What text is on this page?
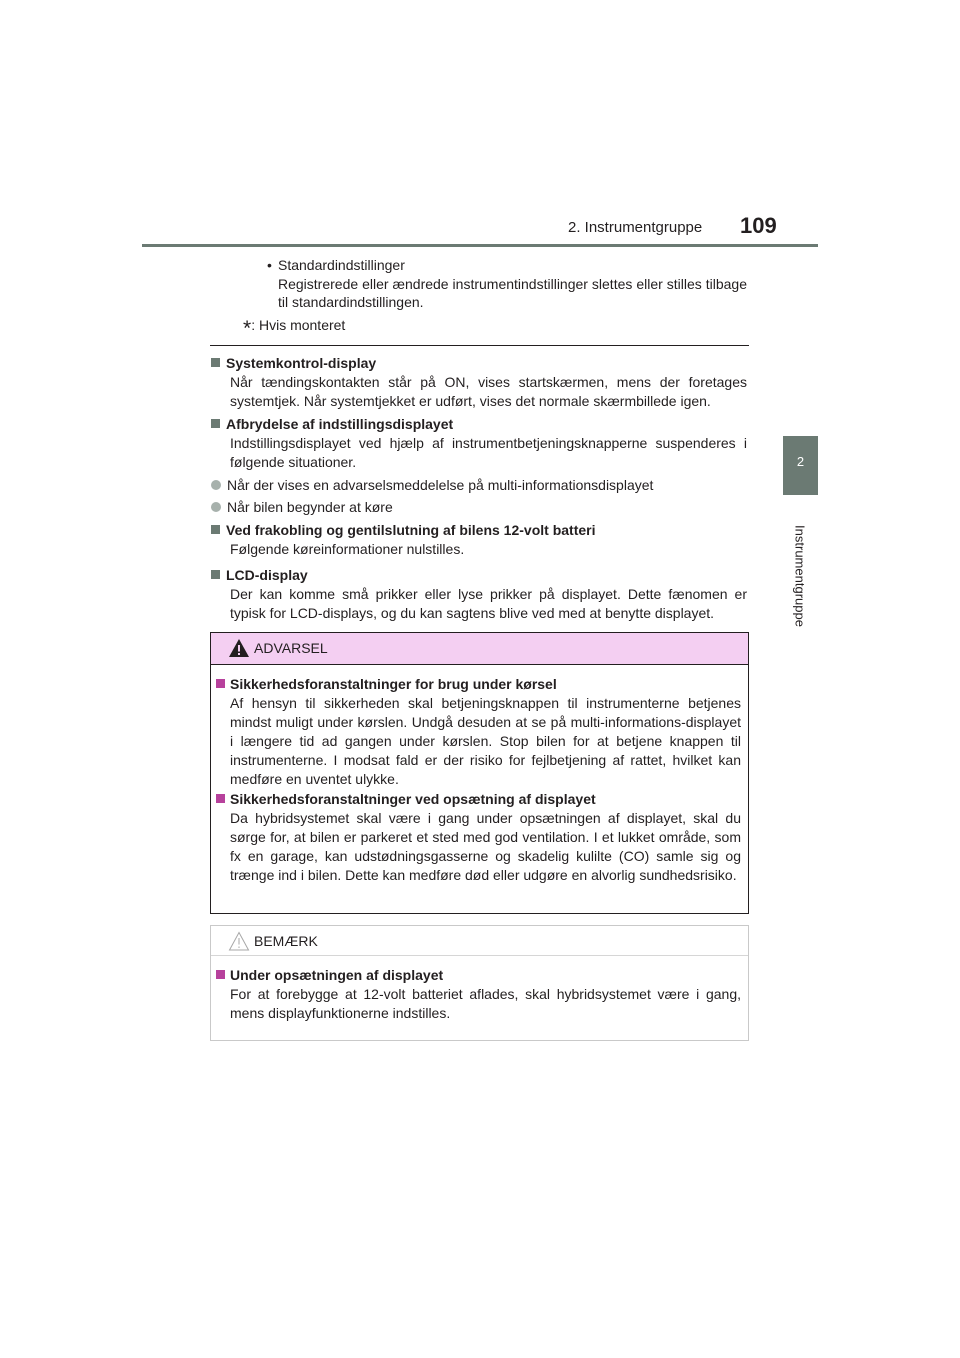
2. Instrumentgruppe 109
2
Instrumentgruppe
• Standardindstillinger
Registrerede eller ændrede instrumentindstillinger slettes eller stilles tilbage til standardindstillingen.
*: Hvis monteret
Systemkontrol-display
Når tændingskontakten står på ON, vises startskærmen, mens der foretages systemtjek. Når systemtjekket er udført, vises det normale skærmbillede igen.
Afbrydelse af indstillingsdisplayet
Indstillingsdisplayet ved hjælp af instrumentbetjeningsknapperne suspenderes i følgende situationer.
Når der vises en advarselsmeddelelse på multi-informationsdisplayet
Når bilen begynder at køre
Ved frakobling og gentilslutning af bilens 12-volt batteri
Følgende køreinformationer nulstilles.
LCD-display
Der kan komme små prikker eller lyse prikker på displayet. Dette fænomen er typisk for LCD-displays, og du kan sagtens blive ved med at benytte displayet.
ADVARSEL
Sikkerhedsforanstaltninger for brug under kørsel
Af hensyn til sikkerheden skal betjeningsknappen til instrumenterne betjenes mindst muligt under kørslen. Undgå desuden at se på multi-informations-displayet i længere tid ad gangen under kørslen. Stop bilen for at betjene knappen til instrumenterne. I modsat fald er der risiko for fejlbetjening af rattet, hvilket kan medføre en uventet ulykke.
Sikkerhedsforanstaltninger ved opsætning af displayet
Da hybridsystemet skal være i gang under opsætningen af displayet, skal du sørge for, at bilen er parkeret et sted med god ventilation. I et lukket område, som fx en garage, kan udstødningsgasserne og skadelig kulilte (CO) samle sig og trænge ind i bilen. Dette kan medføre død eller udgøre en alvorlig sundhedsrisiko.
BEMÆRK
Under opsætningen af displayet
For at forebygge at 12-volt batteriet aflades, skal hybridsystemet være i gang, mens displayfunktionerne indstilles.
